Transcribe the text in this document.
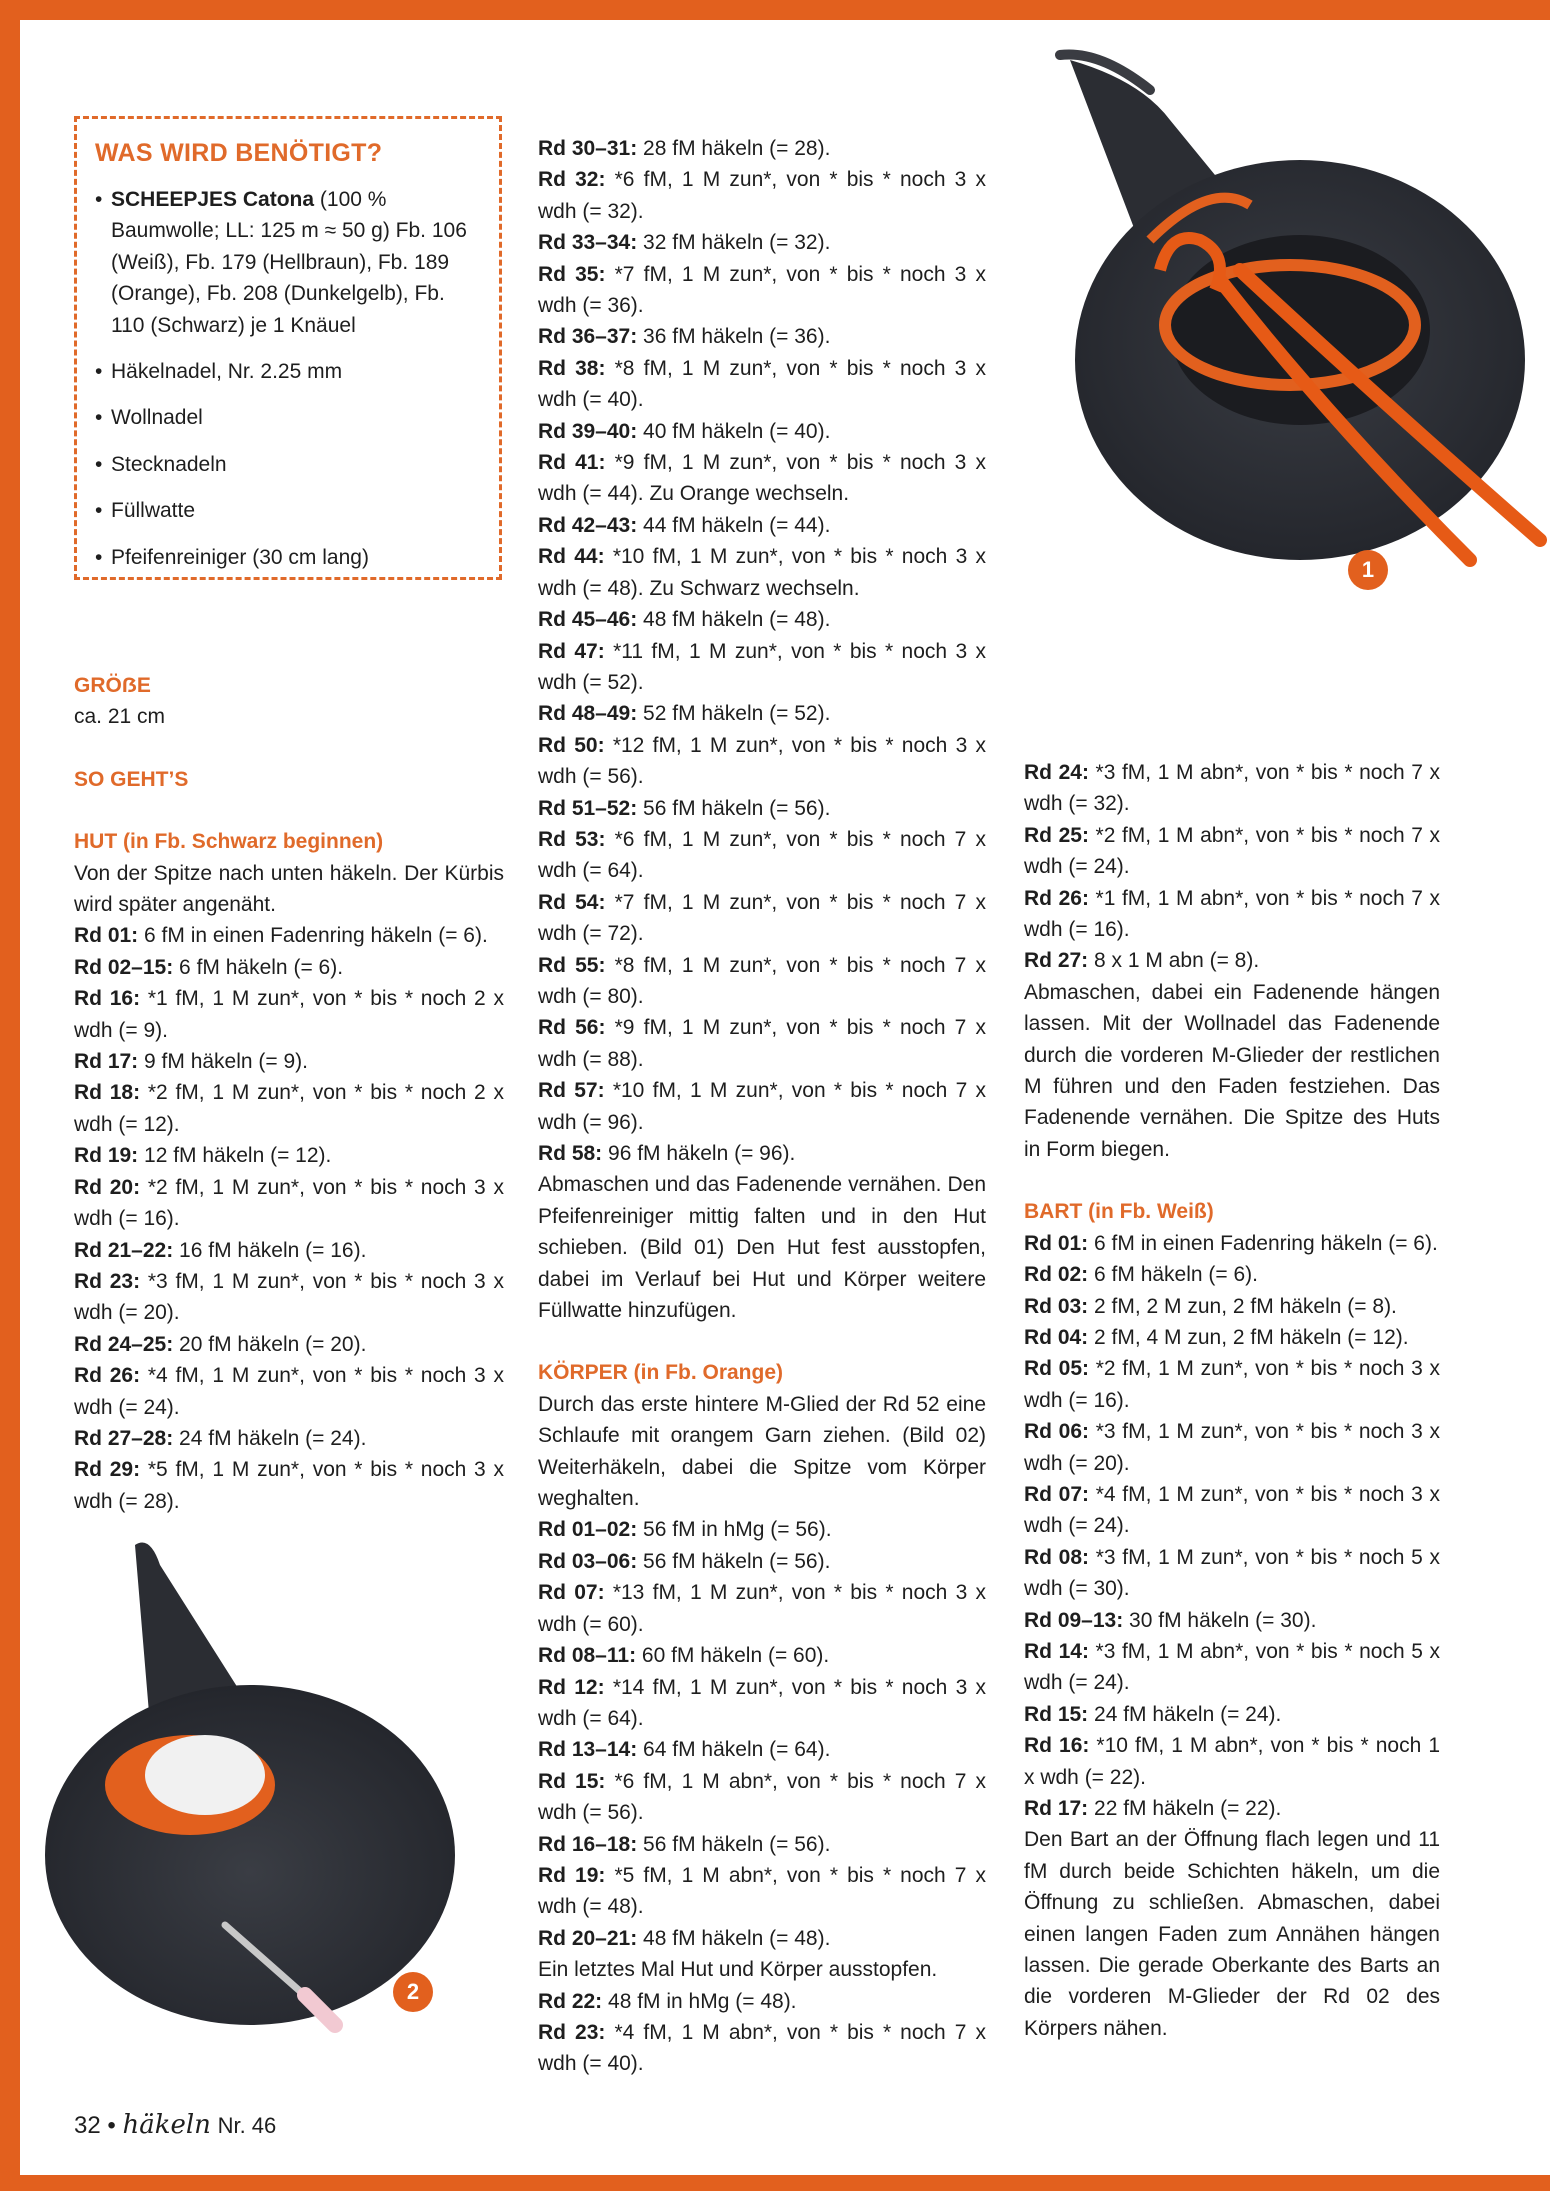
WAS WIRD BENÖTIGT?
• SCHEEPJES Catona (100 % Baumwolle; LL: 125 m ≈ 50 g) Fb. 106 (Weiß), Fb. 179 (Hellbraun), Fb. 189 (Orange), Fb. 208 (Dunkelgelb), Fb. 110 (Schwarz) je 1 Knäuel
• Häkelnadel, Nr. 2.25 mm
• Wollnadel
• Stecknadeln
• Füllwatte
• Pfeifenreiniger (30 cm lang)

GRÖẞE

ca. 21 cm

SO GEHT’S

HUT (in Fb. Schwarz beginnen)

Von der Spitze nach unten häkeln. Der Kürbis wird später angenäht.

Rd 01: 6 fM in einen Fadenring häkeln (= 6).

Rd 02–15: 6 fM häkeln (= 6).

Rd 16: *1 fM, 1 M zun*, von * bis * noch 2 x wdh (= 9).

Rd 17: 9 fM häkeln (= 9).

Rd 18: *2 fM, 1 M zun*, von * bis * noch 2 x wdh (= 12).

Rd 19: 12 fM häkeln (= 12).

Rd 20: *2 fM, 1 M zun*, von * bis * noch 3 x wdh (= 16).

Rd 21–22: 16 fM häkeln (= 16).

Rd 23: *3 fM, 1 M zun*, von * bis * noch 3 x wdh (= 20).

Rd 24–25: 20 fM häkeln (= 20).

Rd 26: *4 fM, 1 M zun*, von * bis * noch 3 x wdh (= 24).

Rd 27–28: 24 fM häkeln (= 24).

Rd 29: *5 fM, 1 M zun*, von * bis * noch 3 x wdh (= 28).

Rd 30–31: 28 fM häkeln (= 28).

Rd 32: *6 fM, 1 M zun*, von * bis * noch 3 x wdh (= 32).

Rd 33–34: 32 fM häkeln (= 32).

Rd 35: *7 fM, 1 M zun*, von * bis * noch 3 x wdh (= 36).

Rd 36–37: 36 fM häkeln (= 36).

Rd 38: *8 fM, 1 M zun*, von * bis * noch 3 x wdh (= 40).

Rd 39–40: 40 fM häkeln (= 40).

Rd 41: *9 fM, 1 M zun*, von * bis * noch 3 x wdh (= 44). Zu Orange wechseln.

Rd 42–43: 44 fM häkeln (= 44).

Rd 44: *10 fM, 1 M zun*, von * bis * noch 3 x wdh (= 48). Zu Schwarz wechseln.

Rd 45–46: 48 fM häkeln (= 48).

Rd 47: *11 fM, 1 M zun*, von * bis * noch 3 x wdh (= 52).

Rd 48–49: 52 fM häkeln (= 52).

Rd 50: *12 fM, 1 M zun*, von * bis * noch 3 x wdh (= 56).

Rd 51–52: 56 fM häkeln (= 56).

Rd 53: *6 fM, 1 M zun*, von * bis * noch 7 x wdh (= 64).

Rd 54: *7 fM, 1 M zun*, von * bis * noch 7 x wdh (= 72).

Rd 55: *8 fM, 1 M zun*, von * bis * noch 7 x wdh (= 80).

Rd 56: *9 fM, 1 M zun*, von * bis * noch 7 x wdh (= 88).

Rd 57: *10 fM, 1 M zun*, von * bis * noch 7 x wdh (= 96).

Rd 58: 96 fM häkeln (= 96).

Abmaschen und das Fadenende vernähen. Den Pfeifenreiniger mittig falten und in den Hut schieben. (Bild 01) Den Hut fest ausstopfen, dabei im Verlauf bei Hut und Körper weitere Füllwatte hinzufügen.

KÖRPER (in Fb. Orange)

Durch das erste hintere M-Glied der Rd 52 eine Schlaufe mit orangem Garn ziehen. (Bild 02) Weiterhäkeln, dabei die Spitze vom Körper weghalten.

Rd 01–02: 56 fM in hMg (= 56).

Rd 03–06: 56 fM häkeln (= 56).

Rd 07: *13 fM, 1 M zun*, von * bis * noch 3 x wdh (= 60).

Rd 08–11: 60 fM häkeln (= 60).

Rd 12: *14 fM, 1 M zun*, von * bis * noch 3 x wdh (= 64).

Rd 13–14: 64 fM häkeln (= 64).

Rd 15: *6 fM, 1 M abn*, von * bis * noch 7 x wdh (= 56).

Rd 16–18: 56 fM häkeln (= 56).

Rd 19: *5 fM, 1 M abn*, von * bis * noch 7 x wdh (= 48).

Rd 20–21: 48 fM häkeln (= 48).

Ein letztes Mal Hut und Körper ausstopfen.

Rd 22: 48 fM in hMg (= 48).

Rd 23: *4 fM, 1 M abn*, von * bis * noch 7 x wdh (= 40).

Rd 24: *3 fM, 1 M abn*, von * bis * noch 7 x wdh (= 32).

Rd 25: *2 fM, 1 M abn*, von * bis * noch 7 x wdh (= 24).

Rd 26: *1 fM, 1 M abn*, von * bis * noch 7 x wdh (= 16).

Rd 27: 8 x 1 M abn (= 8).

Abmaschen, dabei ein Fadenende hängen lassen. Mit der Wollnadel das Fadenende durch die vorderen M-Glieder der restlichen M führen und den Faden festziehen. Das Fadenende vernähen. Die Spitze des Huts in Form biegen.

BART (in Fb. Weiß)

Rd 01: 6 fM in einen Fadenring häkeln (= 6).

Rd 02: 6 fM häkeln (= 6).

Rd 03: 2 fM, 2 M zun, 2 fM häkeln (= 8).

Rd 04: 2 fM, 4 M zun, 2 fM häkeln (= 12).

Rd 05: *2 fM, 1 M zun*, von * bis * noch 3 x wdh (= 16).

Rd 06: *3 fM, 1 M zun*, von * bis * noch 3 x wdh (= 20).

Rd 07: *4 fM, 1 M zun*, von * bis * noch 3 x wdh (= 24).

Rd 08: *3 fM, 1 M zun*, von * bis * noch 5 x wdh (= 30).

Rd 09–13: 30 fM häkeln (= 30).

Rd 14: *3 fM, 1 M abn*, von * bis * noch 5 x wdh (= 24).

Rd 15: 24 fM häkeln (= 24).

Rd 16: *10 fM, 1 M abn*, von * bis * noch 1 x wdh (= 22).

Rd 17: 22 fM häkeln (= 22).

Den Bart an der Öffnung flach legen und 11 fM durch beide Schichten häkeln, um die Öffnung zu schließen. Abmaschen, dabei einen langen Faden zum Annähen hängen lassen. Die gerade Oberkante des Barts an die vorderen M-Glieder der Rd 02 des Körpers nähen.

1
2
32 • häkeln Nr. 46
